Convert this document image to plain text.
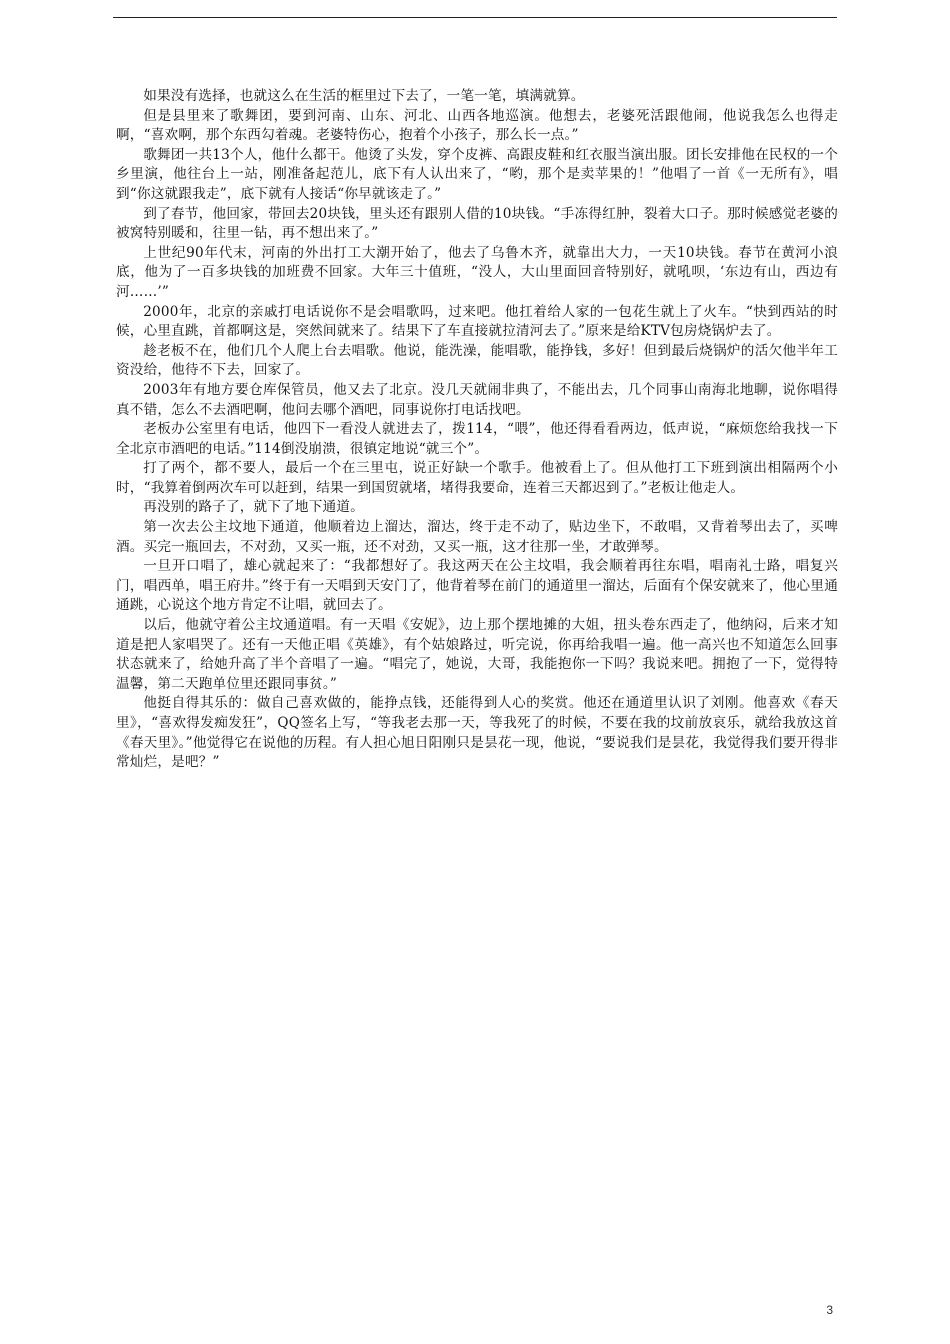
如果没有选择，也就这么在生活的框里过下去了，一笔一笔，填满就算。

但是县里来了歌舞团，要到河南、山东、河北、山西各地巡演。他想去，老婆死活跟他闹，他说我怎么也得走啊，“喜欢啊，那个东西勾着魂。老婆特伤心，抱着个小孩子，那么长一点。”

歌舞团一共13个人，他什么都干。他烫了头发，穿个皮裤、高跟皮鞋和红衣服当演出服。团长安排他在民权的一个乡里演，他往台上一站，刚准备起范儿，底下有人认出来了，“哟，那个是卖苹果的！”他唱了一首《一无所有》，唱到“你这就跟我走”，底下就有人接话“你早就该走了。”

到了春节，他回家，带回去20块钱，里头还有跟别人借的10块钱。“手冻得红肿，裂着大口子。那时候感觉老婆的被窝特别暖和，往里一钻，再不想出来了。”

上世纪90年代末，河南的外出打工大潮开始了，他去了乌鲁木齐，就靠出大力，一天10块钱。春节在黄河小浪底，他为了一百多块钱的加班费不回家。大年三十值班，“没人，大山里面回音特别好，就吼呗，‘东边有山，西边有河……’”

2000年，北京的亲戚打电话说你不是会唱歌吗，过来吧。他扛着给人家的一包花生就上了火车。“快到西站的时候，心里直跳，首都啊这是，突然间就来了。结果下了车直接就拉清河去了。”原来是给KTV包房烧锅炉去了。

趁老板不在，他们几个人爬上台去唱歌。他说，能洗澡，能唱歌，能挣钱，多好！但到最后烧锅炉的活欠他半年工资没给，他待不下去，回家了。

2003年有地方要仓库保管员，他又去了北京。没几天就闹非典了，不能出去，几个同事山南海北地聊，说你唱得真不错，怎么不去酒吧啊，他问去哪个酒吧，同事说你打电话找吧。

老板办公室里有电话，他四下一看没人就进去了，拨114，“喂”，他还得看看两边，低声说，“麻烦您给我找一下全北京市酒吧的电话。”114倒没崩溃，很镇定地说“就三个”。

打了两个，都不要人，最后一个在三里屯，说正好缺一个歌手。他被看上了。但从他打工下班到演出相隔两个小时，“我算着倒两次车可以赶到，结果一到国贸就堵，堵得我要命，连着三天都迟到了。”老板让他走人。

再没别的路子了，就下了地下通道。

第一次去公主坟地下通道，他顺着边上溜达，溜达，终于走不动了，贴边坐下，不敢唱，又背着琴出去了，买啤酒。买完一瓶回去，不对劲，又买一瓶，还不对劲，又买一瓶，这才往那一坐，才敢弹琴。

一旦开口唱了，雄心就起来了：“我都想好了。我这两天在公主坟唱，我会顺着再往东唱，唱南礼士路，唱复兴门，唱西单，唱王府井。”终于有一天唱到天安门了，他背着琴在前门的通道里一溜达，后面有个保安就来了，他心里通通跳，心说这个地方肯定不让唱，就回去了。

以后，他就守着公主坟通道唱。有一天唱《安妮》，边上那个摆地摊的大姐，扭头卷东西走了，他纳闷，后来才知道是把人家唱哭了。还有一天他正唱《英雄》，有个姑娘路过，听完说，你再给我唱一遍。他一高兴也不知道怎么回事状态就来了，给她升高了半个音唱了一遍。“唱完了，她说，大哥，我能抱你一下吗？我说来吧。拥抱了一下，觉得特温馨，第二天跑单位里还跟同事贫。”

他挺自得其乐的：做自己喜欢做的，能挣点钱，还能得到人心的奖赏。他还在通道里认识了刘刚。他喜欢《春天里》，“喜欢得发痴发狂”，QQ签名上写，“等我老去那一天，等我死了的时候，不要在我的坟前放哀乐，就给我放这首《春天里》。”他觉得它在说他的历程。有人担心旭日阳刚只是昙花一现，他说，“要说我们是昙花，我觉得我们要开得非常灿烂，是吧？”

3
